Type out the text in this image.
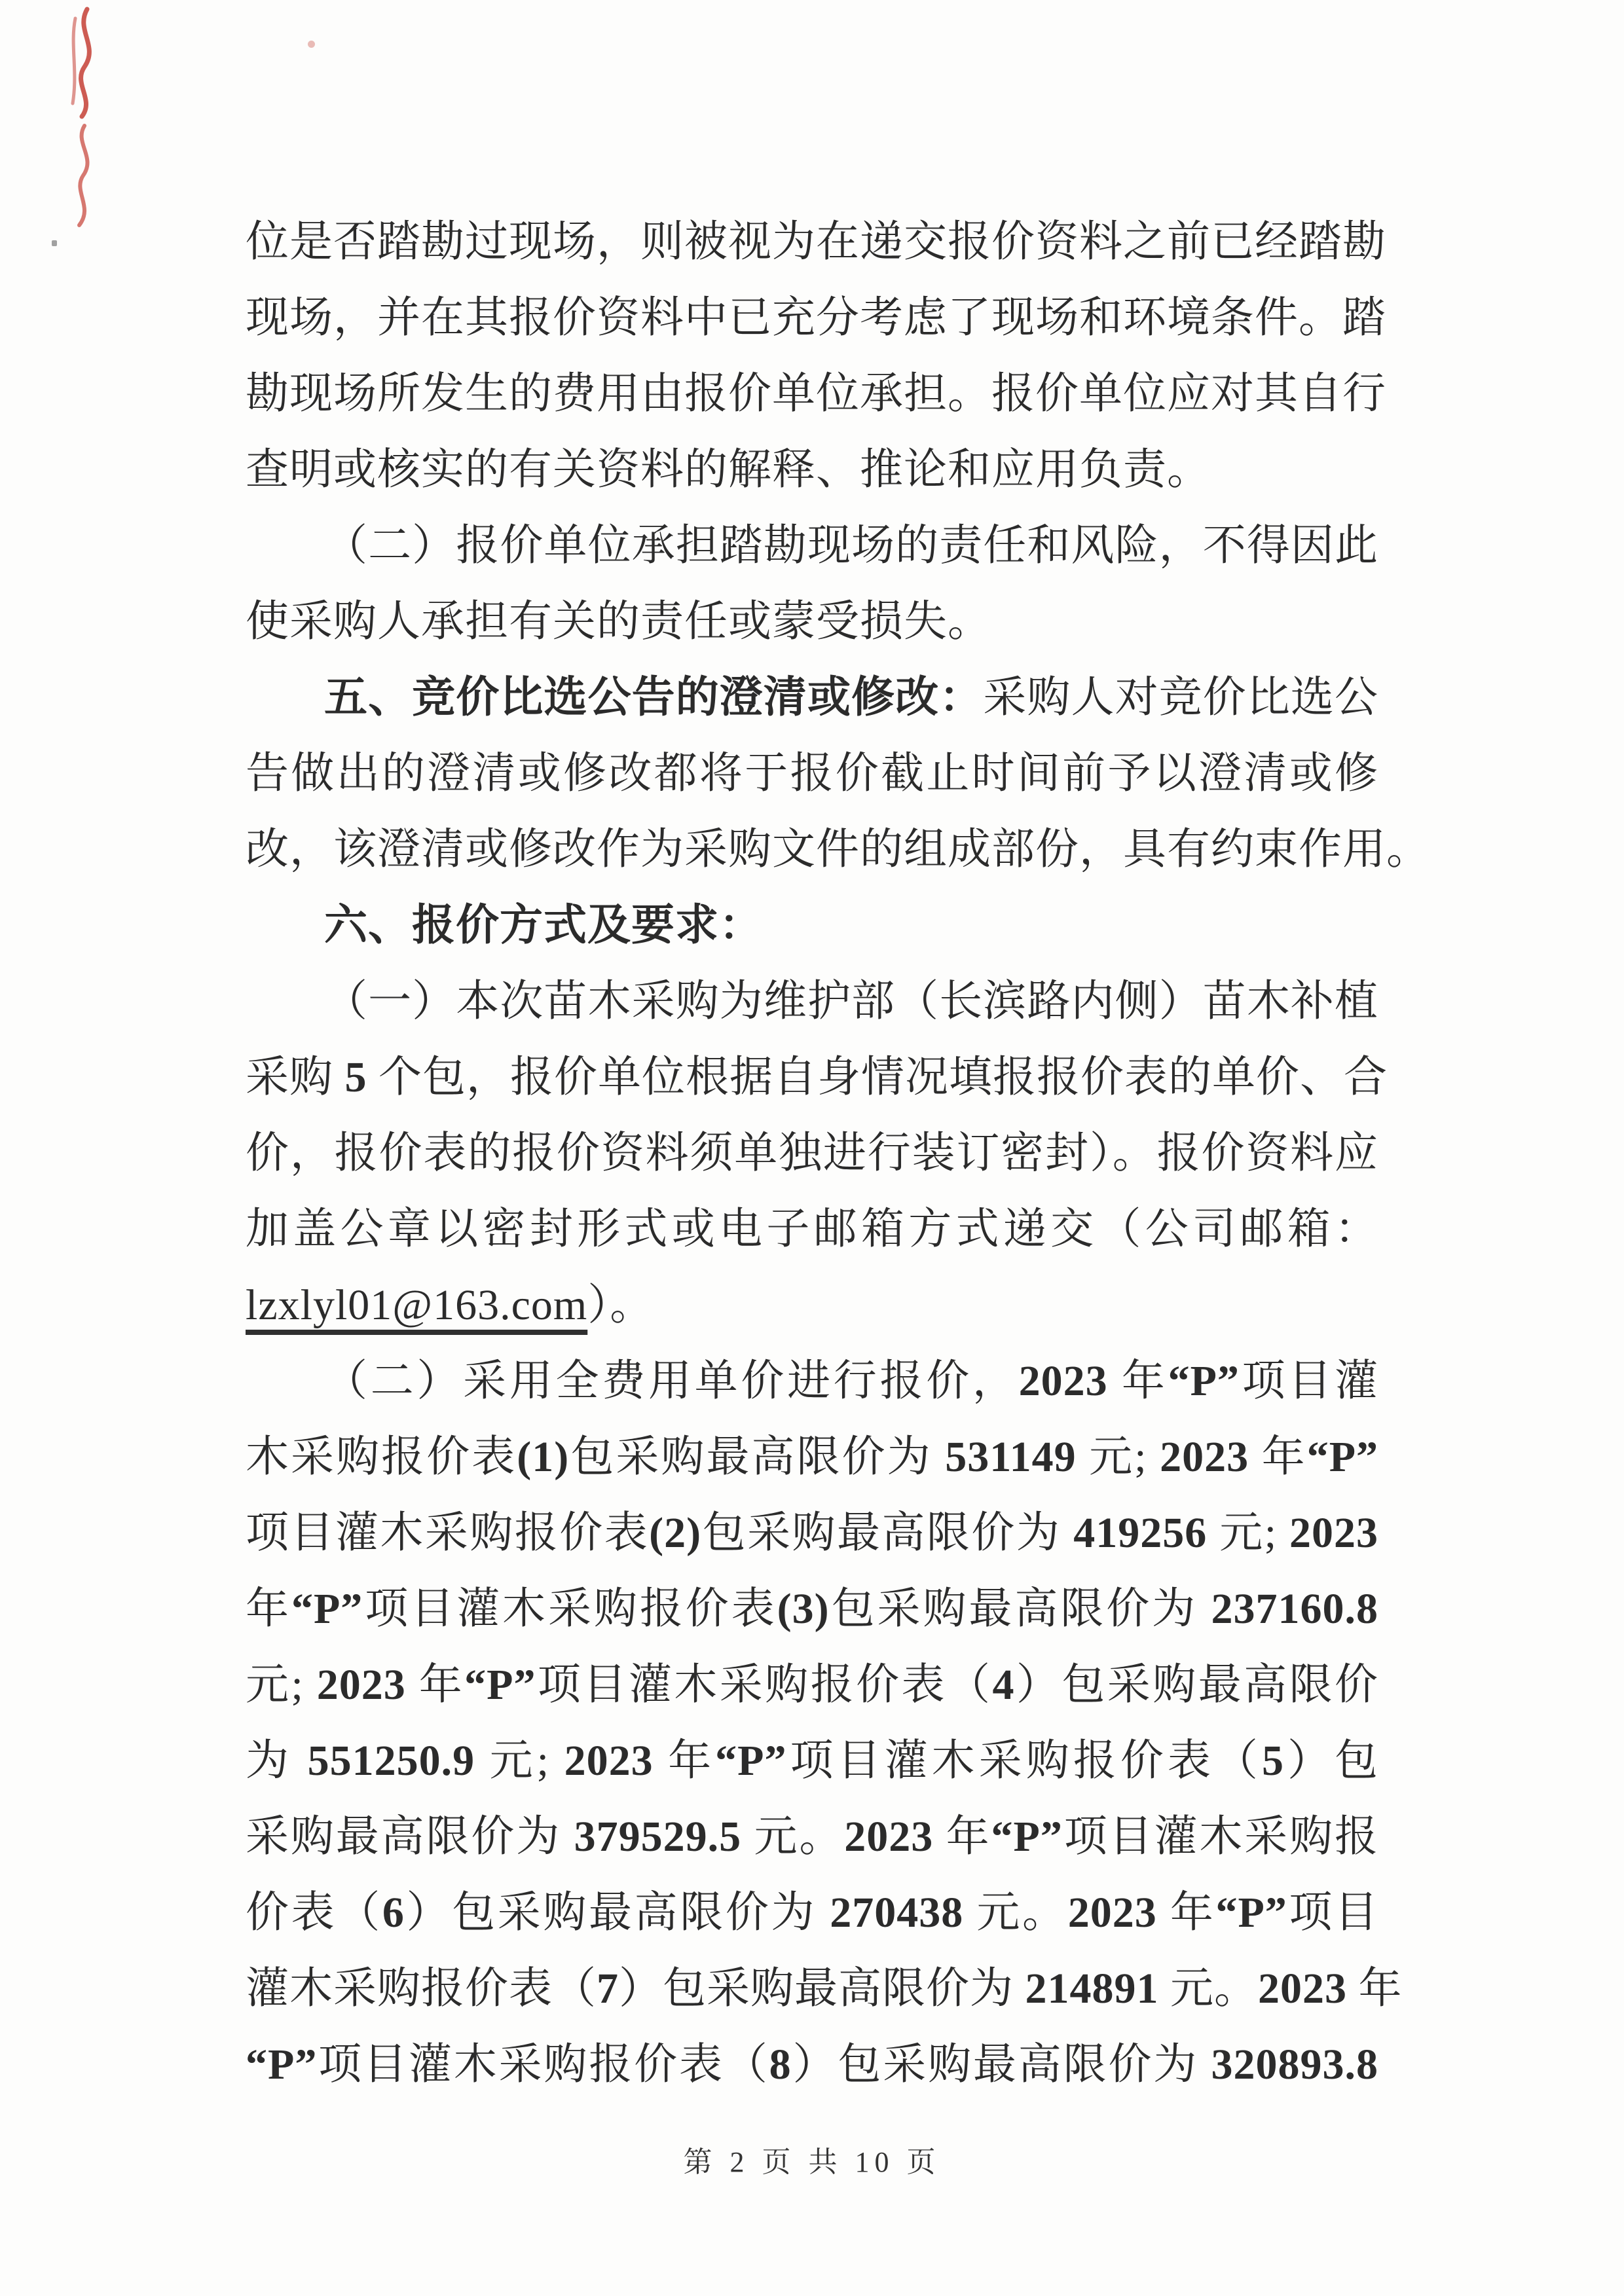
位是否踏勘过现场，则被视为在递交报价资料之前已经踏勘
现场，并在其报价资料中已充分考虑了现场和环境条件。踏
勘现场所发生的费用由报价单位承担。报价单位应对其自行
查明或核实的有关资料的解释、推论和应用负责。
（二）报价单位承担踏勘现场的责任和风险，不得因此
使采购人承担有关的责任或蒙受损失。
五、竞价比选公告的澄清或修改：采购人对竞价比选公
告做出的澄清或修改都将于报价截止时间前予以澄清或修
改，该澄清或修改作为采购文件的组成部份，具有约束作用。
六、报价方式及要求：
（一）本次苗木采购为维护部（长滨路内侧）苗木补植
采购 5 个包，报价单位根据自身情况填报报价表的单价、合
价，报价表的报价资料须单独进行装订密封）。报价资料应
加盖公章以密封形式或电子邮箱方式递交（公司邮箱：
lzxlyl01@163.com）。
（二）采用全费用单价进行报价，2023 年“P”项目灌
木采购报价表(1)包采购最高限价为 531149 元; 2023 年“P”
项目灌木采购报价表(2)包采购最高限价为 419256 元; 2023
年“P”项目灌木采购报价表(3)包采购最高限价为 237160.8
元; 2023 年“P”项目灌木采购报价表（4）包采购最高限价
为 551250.9 元; 2023 年“P”项目灌木采购报价表（5）包
采购最高限价为 379529.5 元。2023 年“P”项目灌木采购报
价表（6）包采购最高限价为 270438 元。2023 年“P”项目
灌木采购报价表（7）包采购最高限价为 214891 元。2023 年
“P”项目灌木采购报价表（8）包采购最高限价为 320893.8
第 2 页 共 10 页
